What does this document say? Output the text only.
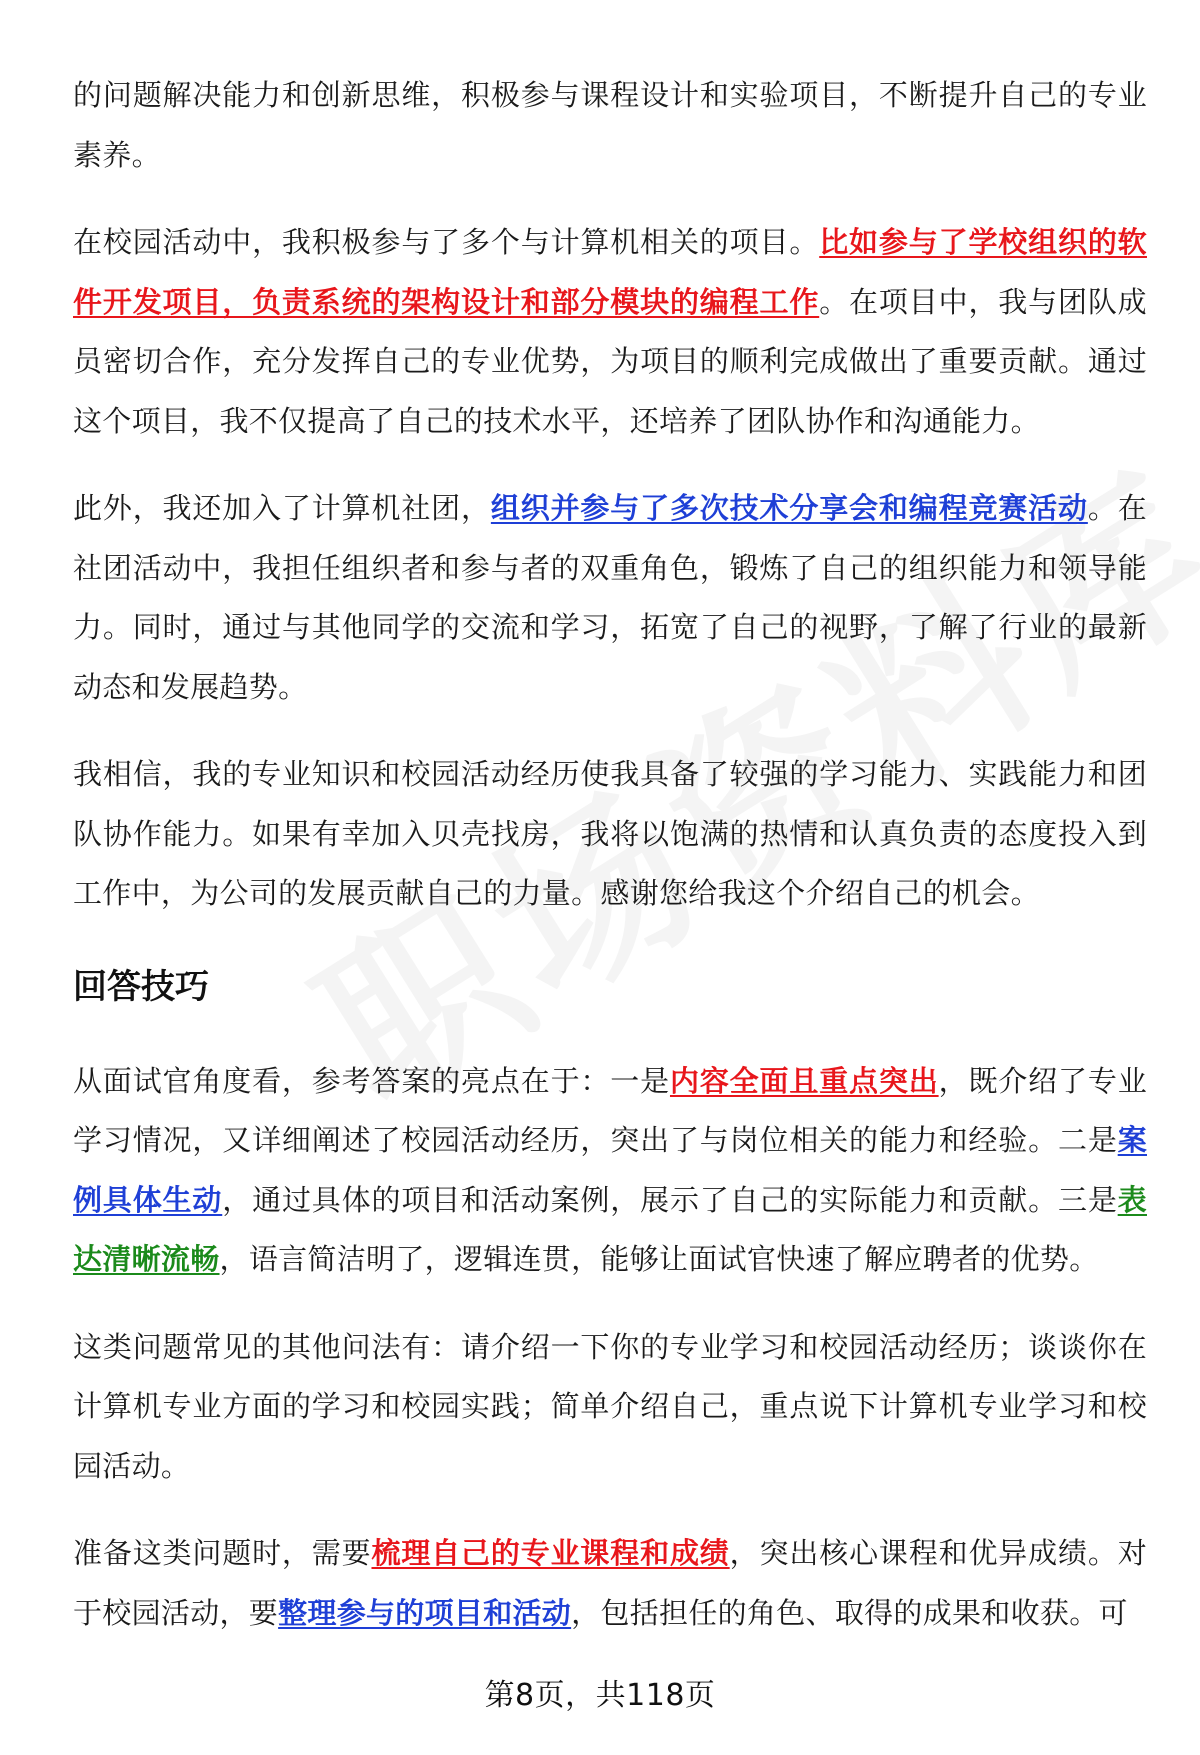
的问题解决能力和创新思维，积极参与课程设计和实验项目，不断提升自己的专业素养。

在校园活动中，我积极参与了多个与计算机相关的项目。比如参与了学校组织的软件开发项目，负责系统的架构设计和部分模块的编程工作。在项目中，我与团队成员密切合作，充分发挥自己的专业优势，为项目的顺利完成做出了重要贡献。通过这个项目，我不仅提高了自己的技术水平，还培养了团队协作和沟通能力。

此外，我还加入了计算机社团，组织并参与了多次技术分享会和编程竞赛活动。在社团活动中，我担任组织者和参与者的双重角色，锻炼了自己的组织能力和领导能力。同时，通过与其他同学的交流和学习，拓宽了自己的视野，了解了行业的最新动态和发展趋势。

我相信，我的专业知识和校园活动经历使我具备了较强的学习能力、实践能力和团队协作能力。如果有幸加入贝壳找房，我将以饱满的热情和认真负责的态度投入到工作中，为公司的发展贡献自己的力量。感谢您给我这个介绍自己的机会。

回答技巧

从面试官角度看，参考答案的亮点在于：一是内容全面且重点突出，既介绍了专业学习情况，又详细阐述了校园活动经历，突出了与岗位相关的能力和经验。二是案例具体生动，通过具体的项目和活动案例，展示了自己的实际能力和贡献。三是表达清晰流畅，语言简洁明了，逻辑连贯，能够让面试官快速了解应聘者的优势。

这类问题常见的其他问法有：请介绍一下你的专业学习和校园活动经历；谈谈你在计算机专业方面的学习和校园实践；简单介绍自己，重点说下计算机专业学习和校园活动。

准备这类问题时，需要梳理自己的专业课程和成绩，突出核心课程和优异成绩。对于校园活动，要整理参与的项目和活动，包括担任的角色、取得的成果和收获。可

第8页，共118页
